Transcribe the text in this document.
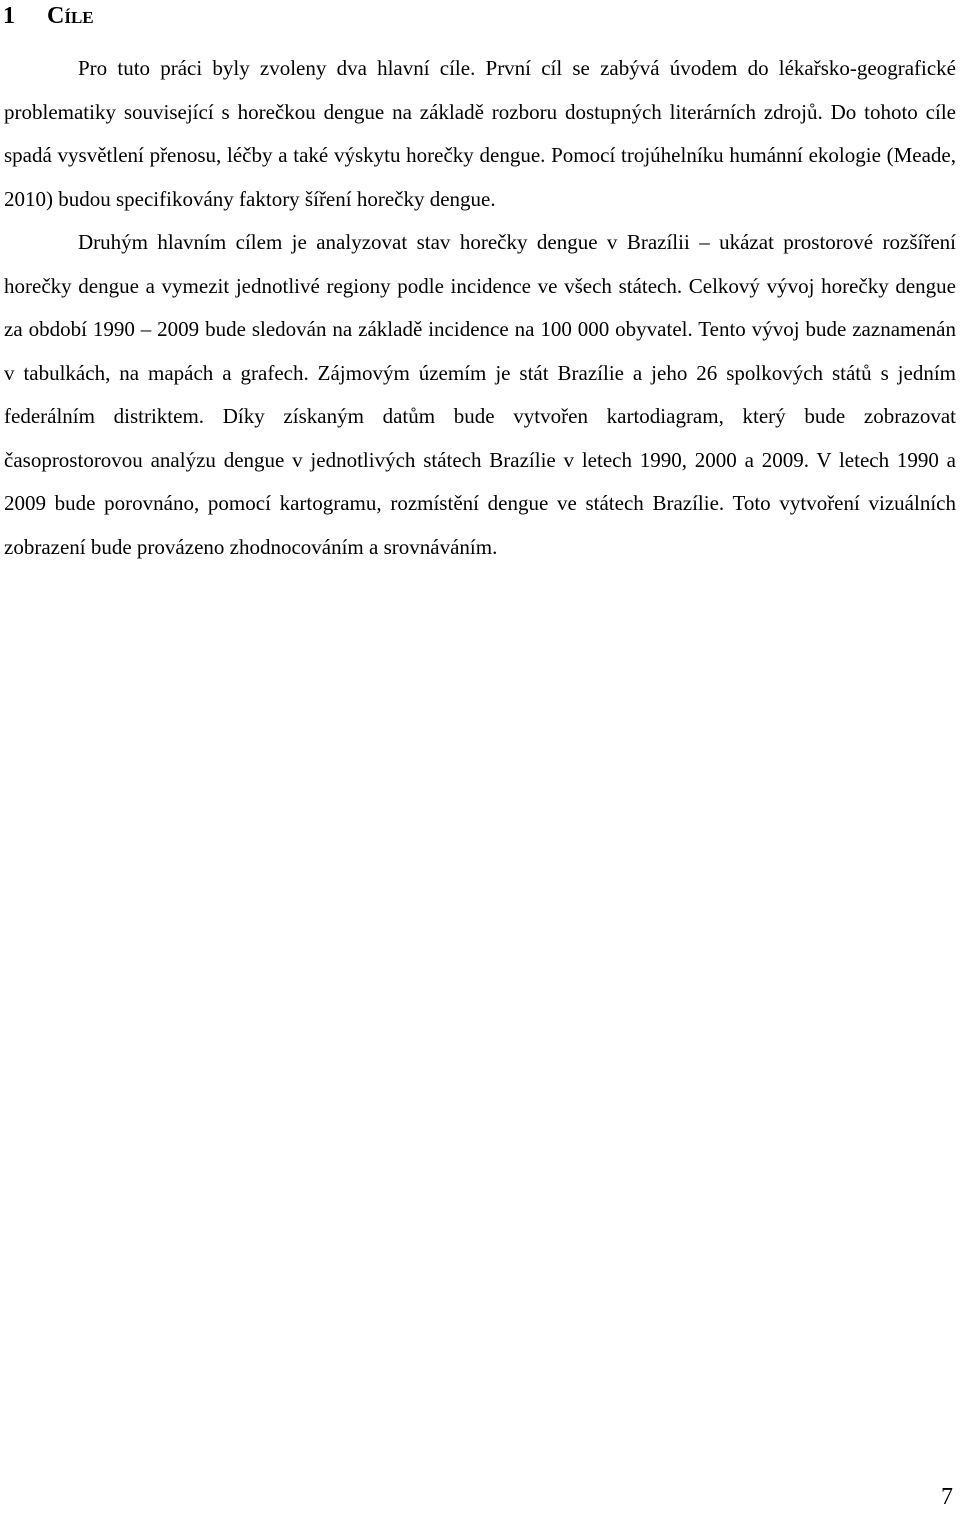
1 Cíle

Pro tuto práci byly zvoleny dva hlavní cíle. První cíl se zabývá úvodem do lékařsko-geografické problematiky související s horečkou dengue na základě rozboru dostupných literárních zdrojů. Do tohoto cíle spadá vysvětlení přenosu, léčby a také výskytu horečky dengue. Pomocí trojúhelníku humánní ekologie (Meade, 2010) budou specifikovány faktory šíření horečky dengue.

Druhým hlavním cílem je analyzovat stav horečky dengue v Brazílii – ukázat prostorové rozšíření horečky dengue a vymezit jednotlivé regiony podle incidence ve všech státech. Celkový vývoj horečky dengue za období 1990 – 2009 bude sledován na základě incidence na 100 000 obyvatel. Tento vývoj bude zaznamenán v tabulkách, na mapách a grafech. Zájmovým územím je stát Brazílie a jeho 26 spolkových států s jedním federálním distriktem. Díky získaným datům bude vytvořen kartodiagram, který bude zobrazovat časoprostorovou analýzu dengue v jednotlivých státech Brazílie v letech 1990, 2000 a 2009. V letech 1990 a 2009 bude porovnáno, pomocí kartogramu, rozmístění dengue ve státech Brazílie. Toto vytvoření vizuálních zobrazení bude provázeno zhodnocováním a srovnáváním.

7
